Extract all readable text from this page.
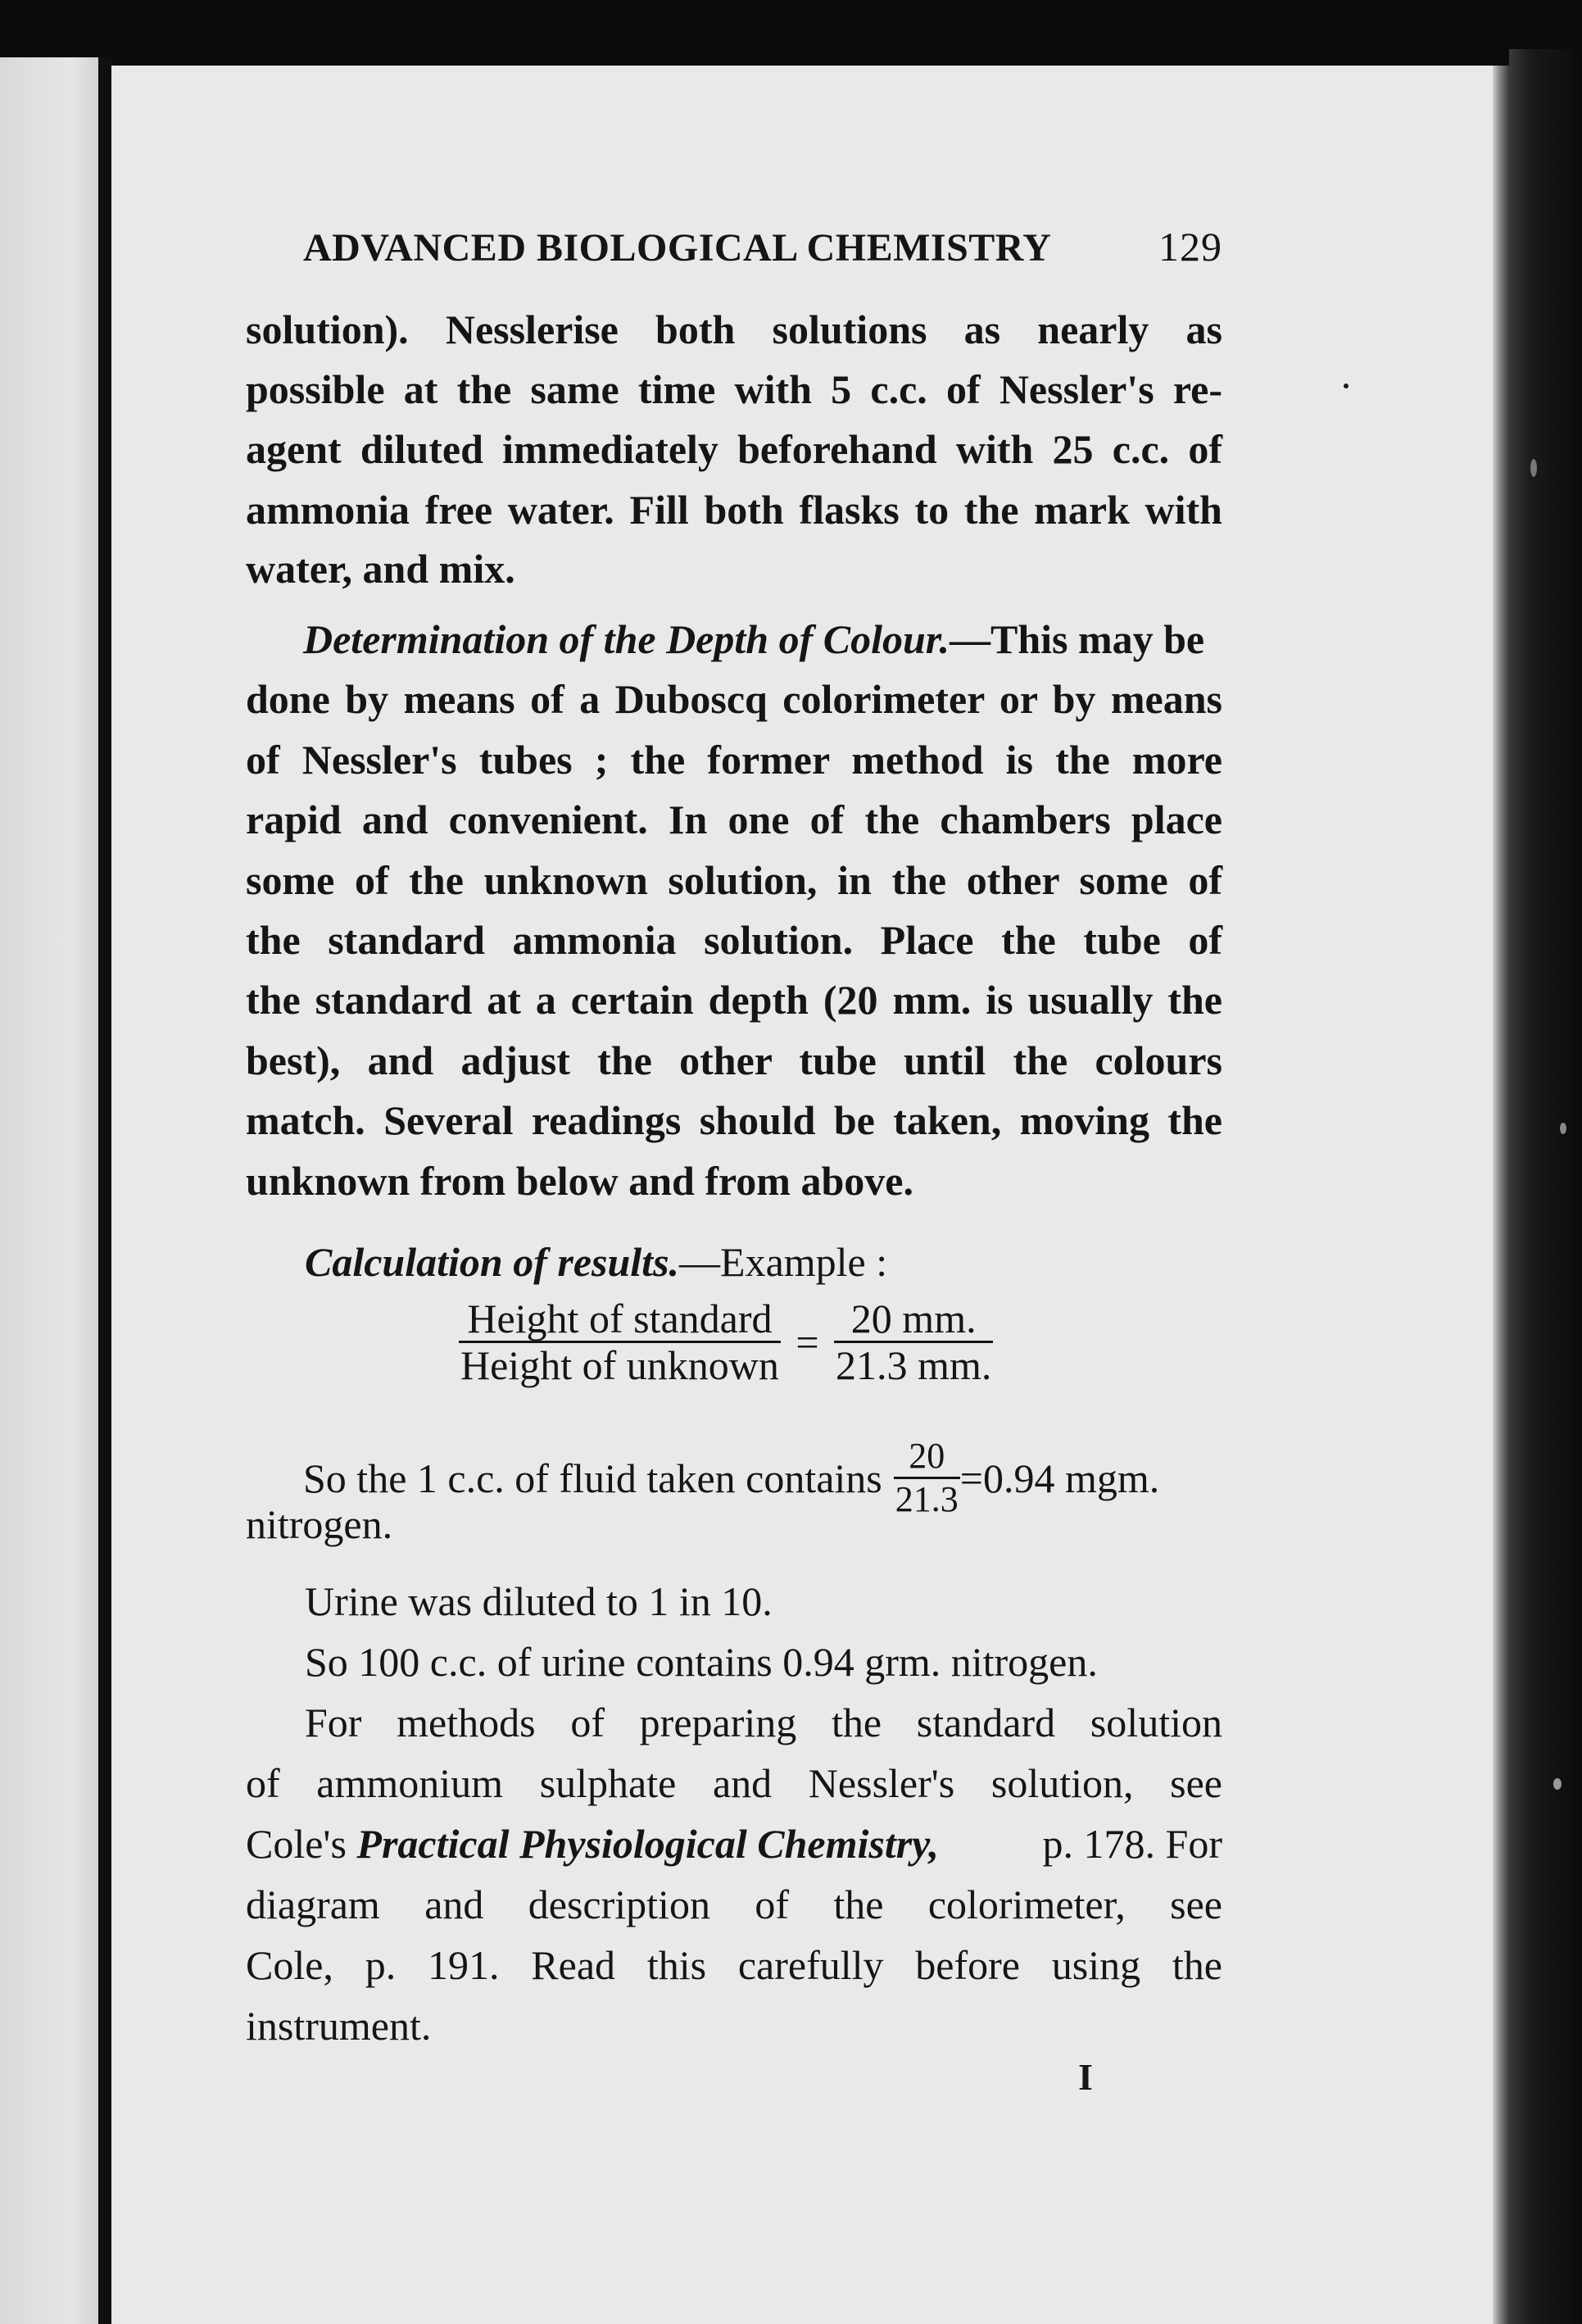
ADVANCED BIOLOGICAL CHEMISTRY	129
solution). Nesslerise both solutions as nearly as
possible at the same time with 5 c.c. of Nessler's re-
agent diluted immediately beforehand with 25 c.c. of
ammonia free water. Fill both flasks to the mark with
water, and mix.
Determination of the Depth of Colour. —This may be
done by means of a Duboscq colorimeter or by means
of Nessler's tubes ; the former method is the more
rapid and convenient. In one of the chambers place
some of the unknown solution, in the other some of
the standard ammonia solution. Place the tube of
the standard at a certain depth (20 mm. is usually the
best), and adjust the other tube until the colours
match. Several readings should be taken, moving the
unknown from below and from above.
Calculation of results.—Example :
$\frac{\text{Height of standard}}{\text{Height of unknown}} = \frac{20 mm.}{21.3 mm.}$
So the 1 c.c. of fluid taken contains $\frac{20}{21.3} =0.94$ mgm.
nitrogen.
Urine was diluted to 1 in 10.
So 100 c.c. of urine contains 0.94 grm. nitrogen.
For methods of preparing the standard solution
of ammonium sulphate and Nessler's solution, see
Cole's Practical Physiological Chemistry,	p. 178. For
diagram and description of the colorimeter, see
Cole, p. 191. Read this carefully before using the
instrument.
I
